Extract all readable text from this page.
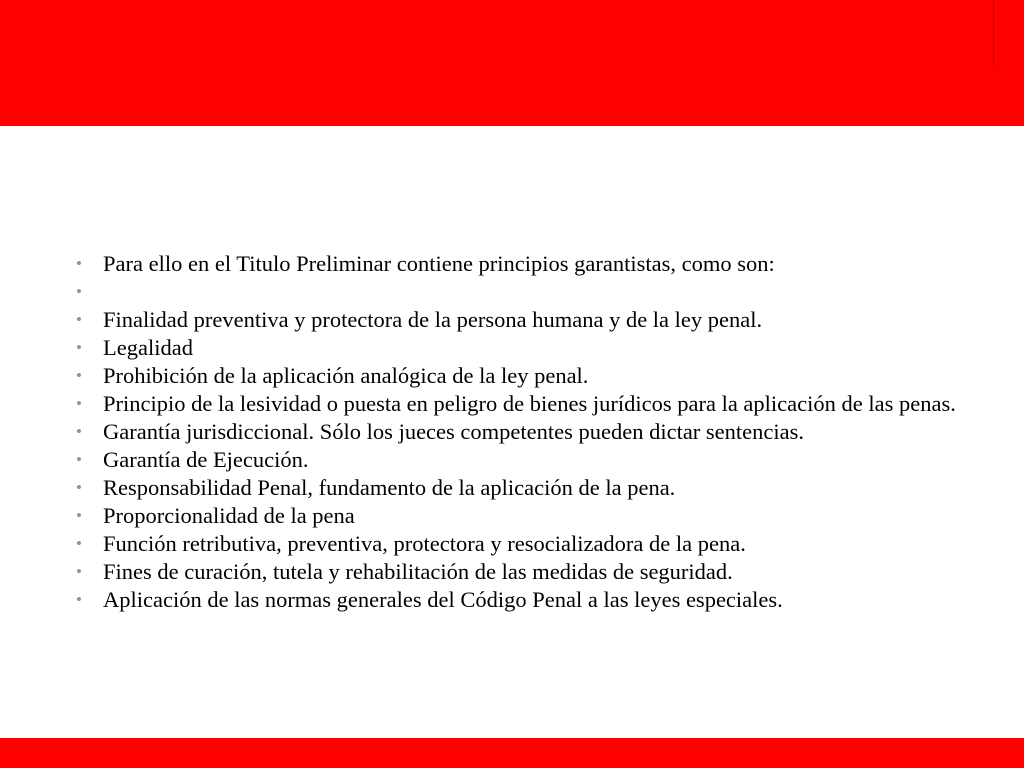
• Para ello en el Titulo Preliminar contiene principios garantistas, como son:
•
• Finalidad preventiva y protectora de la persona humana y de la ley penal.
• Legalidad
• Prohibición de la aplicación analógica de la ley penal.
• Principio de la lesividad o puesta en peligro de bienes jurídicos para la aplicación de las penas.
• Garantía jurisdiccional. Sólo los jueces competentes pueden dictar sentencias.
• Garantía de Ejecución.
• Responsabilidad Penal, fundamento de la aplicación de la pena.
• Proporcionalidad de la pena
• Función retributiva, preventiva, protectora y resocializadora de la pena.
• Fines de curación, tutela y rehabilitación de las medidas de seguridad.
• Aplicación de las normas generales del Código Penal a las leyes especiales.
